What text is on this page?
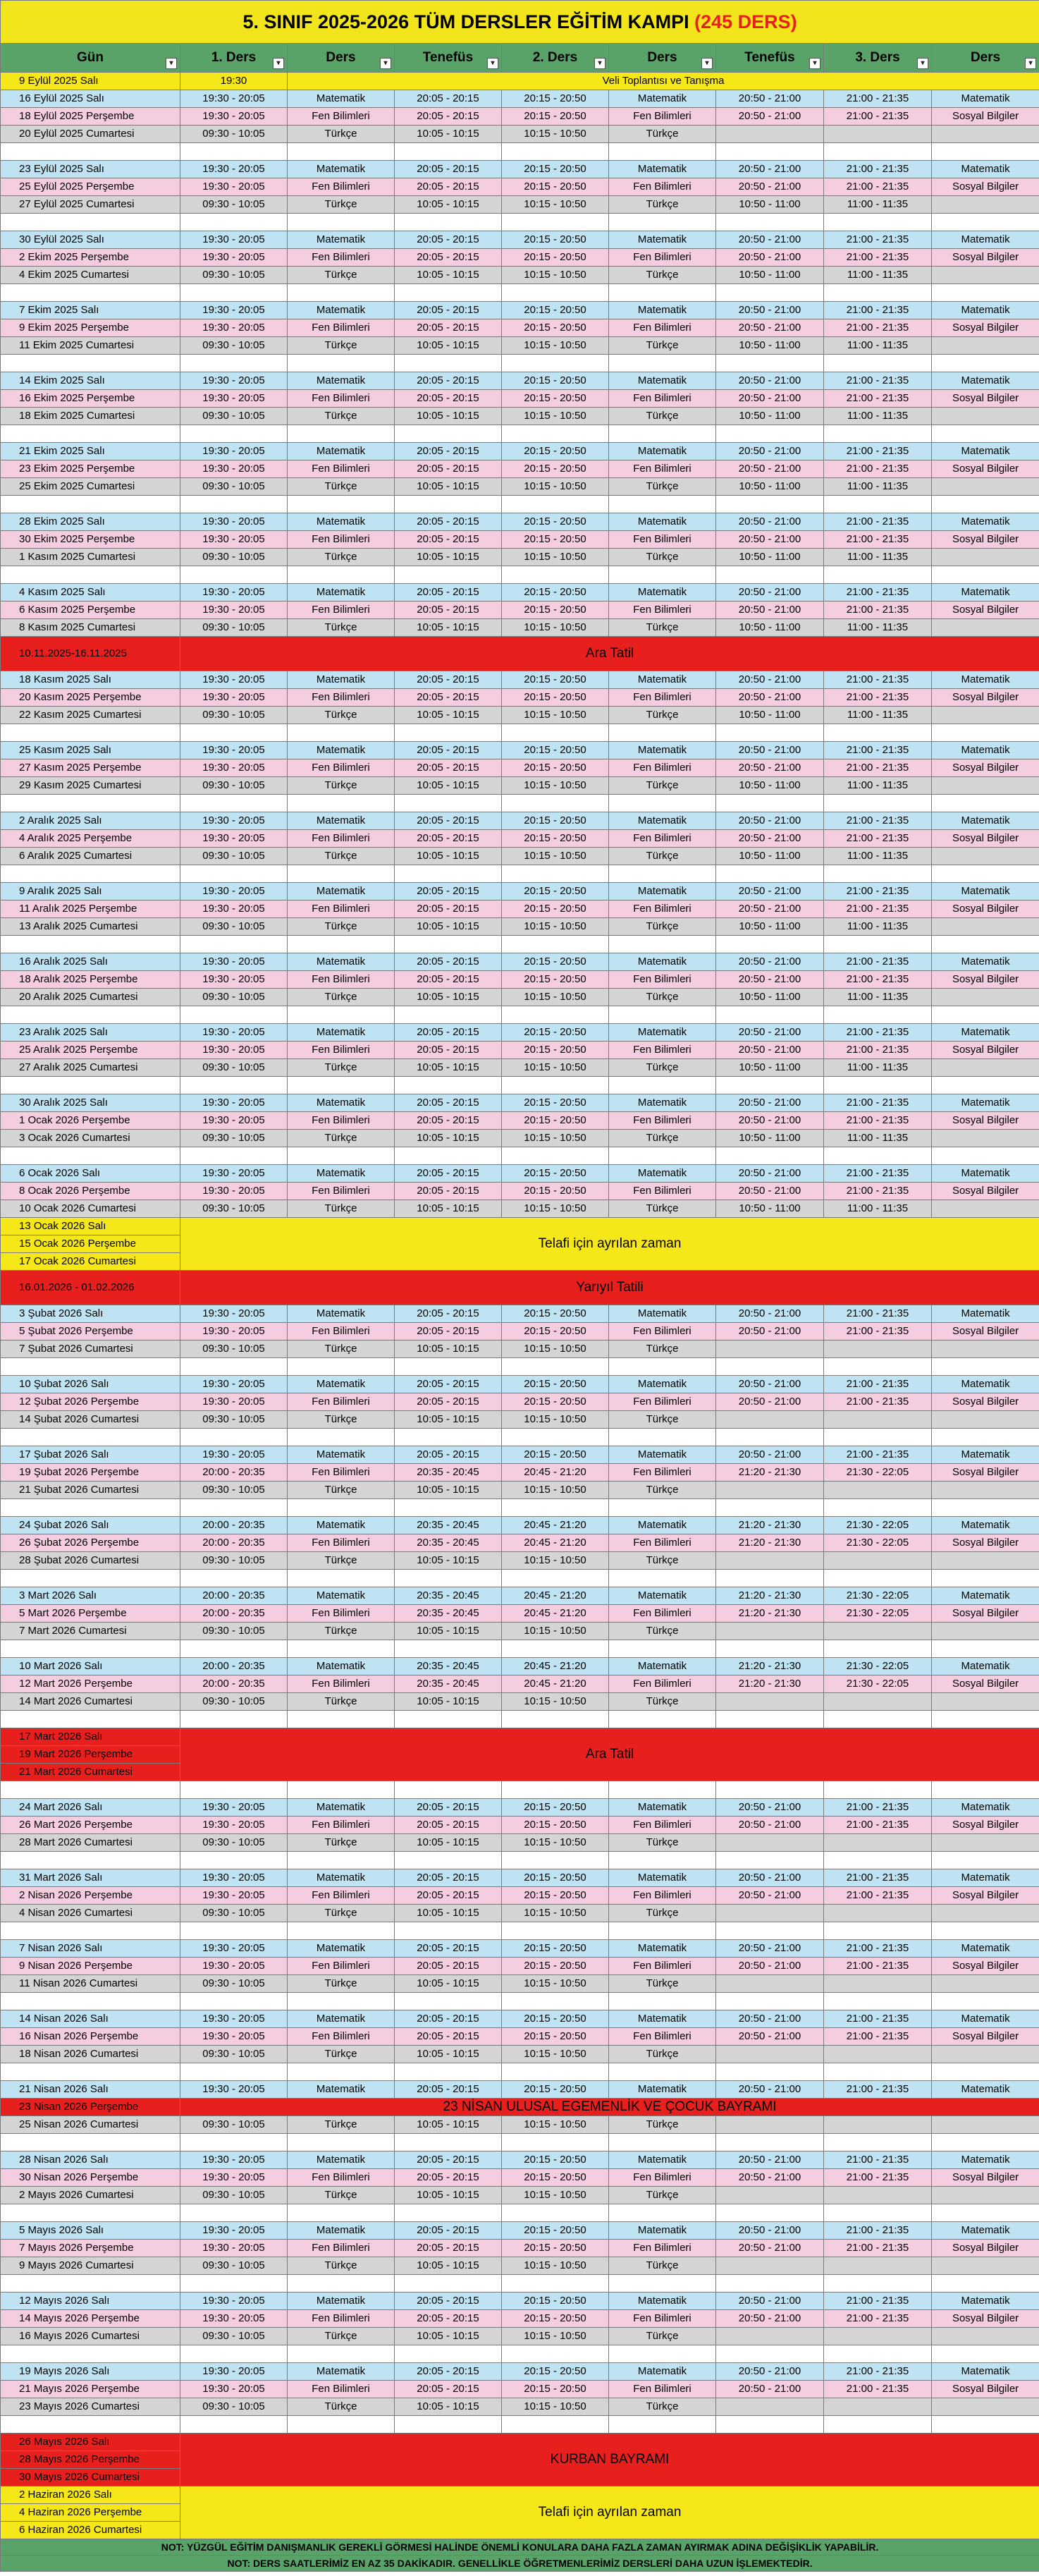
5. SINIF 2025-2026 TÜM DERSLER EĞİTİM KAMPI (245 DERS)								
Gün ▾	1. Ders ▾	Ders ▾	Tenefüs ▾	2. Ders ▾	Ders ▾	Tenefüs ▾	3. Ders ▾	Ders ▾

9 Eylül 2025 Salı	19:30	Veli Toplantısı ve Tanışma						
16 Eylül 2025 Salı	19:30 - 20:05	Matematik	20:05 - 20:15	20:15 - 20:50	Matematik	20:50 - 21:00	21:00 - 21:35	Matematik
18 Eylül 2025 Perşembe	19:30 - 20:05	Fen Bilimleri	20:05 - 20:15	20:15 - 20:50	Fen Bilimleri	20:50 - 21:00	21:00 - 21:35	Sosyal Bilgiler
20 Eylül 2025 Cumartesi	09:30 - 10:05	Türkçe	10:05 - 10:15	10:15 - 10:50	Türkçe			

23 Eylül 2025 Salı	19:30 - 20:05	Matematik	20:05 - 20:15	20:15 - 20:50	Matematik	20:50 - 21:00	21:00 - 21:35	Matematik
25 Eylül 2025 Perşembe	19:30 - 20:05	Fen Bilimleri	20:05 - 20:15	20:15 - 20:50	Fen Bilimleri	20:50 - 21:00	21:00 - 21:35	Sosyal Bilgiler
27 Eylül 2025 Cumartesi	09:30 - 10:05	Türkçe	10:05 - 10:15	10:15 - 10:50	Türkçe	10:50 - 11:00	11:00 - 11:35	

30 Eylül 2025 Salı	19:30 - 20:05	Matematik	20:05 - 20:15	20:15 - 20:50	Matematik	20:50 - 21:00	21:00 - 21:35	Matematik
2 Ekim 2025 Perşembe	19:30 - 20:05	Fen Bilimleri	20:05 - 20:15	20:15 - 20:50	Fen Bilimleri	20:50 - 21:00	21:00 - 21:35	Sosyal Bilgiler
4 Ekim 2025 Cumartesi	09:30 - 10:05	Türkçe	10:05 - 10:15	10:15 - 10:50	Türkçe	10:50 - 11:00	11:00 - 11:35	

7 Ekim 2025 Salı	19:30 - 20:05	Matematik	20:05 - 20:15	20:15 - 20:50	Matematik	20:50 - 21:00	21:00 - 21:35	Matematik
9 Ekim 2025 Perşembe	19:30 - 20:05	Fen Bilimleri	20:05 - 20:15	20:15 - 20:50	Fen Bilimleri	20:50 - 21:00	21:00 - 21:35	Sosyal Bilgiler
11 Ekim 2025 Cumartesi	09:30 - 10:05	Türkçe	10:05 - 10:15	10:15 - 10:50	Türkçe	10:50 - 11:00	11:00 - 11:35	

14 Ekim 2025 Salı	19:30 - 20:05	Matematik	20:05 - 20:15	20:15 - 20:50	Matematik	20:50 - 21:00	21:00 - 21:35	Matematik
16 Ekim 2025 Perşembe	19:30 - 20:05	Fen Bilimleri	20:05 - 20:15	20:15 - 20:50	Fen Bilimleri	20:50 - 21:00	21:00 - 21:35	Sosyal Bilgiler
18 Ekim 2025 Cumartesi	09:30 - 10:05	Türkçe	10:05 - 10:15	10:15 - 10:50	Türkçe	10:50 - 11:00	11:00 - 11:35	

21 Ekim 2025 Salı	19:30 - 20:05	Matematik	20:05 - 20:15	20:15 - 20:50	Matematik	20:50 - 21:00	21:00 - 21:35	Matematik
23 Ekim 2025 Perşembe	19:30 - 20:05	Fen Bilimleri	20:05 - 20:15	20:15 - 20:50	Fen Bilimleri	20:50 - 21:00	21:00 - 21:35	Sosyal Bilgiler
25 Ekim 2025 Cumartesi	09:30 - 10:05	Türkçe	10:05 - 10:15	10:15 - 10:50	Türkçe	10:50 - 11:00	11:00 - 11:35	

28 Ekim 2025 Salı	19:30 - 20:05	Matematik	20:05 - 20:15	20:15 - 20:50	Matematik	20:50 - 21:00	21:00 - 21:35	Matematik
30 Ekim 2025 Perşembe	19:30 - 20:05	Fen Bilimleri	20:05 - 20:15	20:15 - 20:50	Fen Bilimleri	20:50 - 21:00	21:00 - 21:35	Sosyal Bilgiler
1 Kasım 2025 Cumartesi	09:30 - 10:05	Türkçe	10:05 - 10:15	10:15 - 10:50	Türkçe	10:50 - 11:00	11:00 - 11:35	

4 Kasım 2025 Salı	19:30 - 20:05	Matematik	20:05 - 20:15	20:15 - 20:50	Matematik	20:50 - 21:00	21:00 - 21:35	Matematik
6 Kasım 2025 Perşembe	19:30 - 20:05	Fen Bilimleri	20:05 - 20:15	20:15 - 20:50	Fen Bilimleri	20:50 - 21:00	21:00 - 21:35	Sosyal Bilgiler
8 Kasım 2025 Cumartesi	09:30 - 10:05	Türkçe	10:05 - 10:15	10:15 - 10:50	Türkçe	10:50 - 11:00	11:00 - 11:35	
10.11.2025-16.11.2025	Ara Tatil							
18 Kasım 2025 Salı	19:30 - 20:05	Matematik	20:05 - 20:15	20:15 - 20:50	Matematik	20:50 - 21:00	21:00 - 21:35	Matematik
20 Kasım 2025 Perşembe	19:30 - 20:05	Fen Bilimleri	20:05 - 20:15	20:15 - 20:50	Fen Bilimleri	20:50 - 21:00	21:00 - 21:35	Sosyal Bilgiler
22 Kasım 2025 Cumartesi	09:30 - 10:05	Türkçe	10:05 - 10:15	10:15 - 10:50	Türkçe	10:50 - 11:00	11:00 - 11:35	

25 Kasım 2025 Salı	19:30 - 20:05	Matematik	20:05 - 20:15	20:15 - 20:50	Matematik	20:50 - 21:00	21:00 - 21:35	Matematik
27 Kasım 2025 Perşembe	19:30 - 20:05	Fen Bilimleri	20:05 - 20:15	20:15 - 20:50	Fen Bilimleri	20:50 - 21:00	21:00 - 21:35	Sosyal Bilgiler
29 Kasım 2025 Cumartesi	09:30 - 10:05	Türkçe	10:05 - 10:15	10:15 - 10:50	Türkçe	10:50 - 11:00	11:00 - 11:35	

2 Aralık 2025 Salı	19:30 - 20:05	Matematik	20:05 - 20:15	20:15 - 20:50	Matematik	20:50 - 21:00	21:00 - 21:35	Matematik
4 Aralık 2025 Perşembe	19:30 - 20:05	Fen Bilimleri	20:05 - 20:15	20:15 - 20:50	Fen Bilimleri	20:50 - 21:00	21:00 - 21:35	Sosyal Bilgiler
6 Aralık 2025 Cumartesi	09:30 - 10:05	Türkçe	10:05 - 10:15	10:15 - 10:50	Türkçe	10:50 - 11:00	11:00 - 11:35	

9 Aralık 2025 Salı	19:30 - 20:05	Matematik	20:05 - 20:15	20:15 - 20:50	Matematik	20:50 - 21:00	21:00 - 21:35	Matematik
11 Aralık 2025 Perşembe	19:30 - 20:05	Fen Bilimleri	20:05 - 20:15	20:15 - 20:50	Fen Bilimleri	20:50 - 21:00	21:00 - 21:35	Sosyal Bilgiler
13 Aralık 2025 Cumartesi	09:30 - 10:05	Türkçe	10:05 - 10:15	10:15 - 10:50	Türkçe	10:50 - 11:00	11:00 - 11:35	

16 Aralık 2025 Salı	19:30 - 20:05	Matematik	20:05 - 20:15	20:15 - 20:50	Matematik	20:50 - 21:00	21:00 - 21:35	Matematik
18 Aralık 2025 Perşembe	19:30 - 20:05	Fen Bilimleri	20:05 - 20:15	20:15 - 20:50	Fen Bilimleri	20:50 - 21:00	21:00 - 21:35	Sosyal Bilgiler
20 Aralık 2025 Cumartesi	09:30 - 10:05	Türkçe	10:05 - 10:15	10:15 - 10:50	Türkçe	10:50 - 11:00	11:00 - 11:35	

23 Aralık 2025 Salı	19:30 - 20:05	Matematik	20:05 - 20:15	20:15 - 20:50	Matematik	20:50 - 21:00	21:00 - 21:35	Matematik
25 Aralık 2025 Perşembe	19:30 - 20:05	Fen Bilimleri	20:05 - 20:15	20:15 - 20:50	Fen Bilimleri	20:50 - 21:00	21:00 - 21:35	Sosyal Bilgiler
27 Aralık 2025 Cumartesi	09:30 - 10:05	Türkçe	10:05 - 10:15	10:15 - 10:50	Türkçe	10:50 - 11:00	11:00 - 11:35	

30 Aralık 2025 Salı	19:30 - 20:05	Matematik	20:05 - 20:15	20:15 - 20:50	Matematik	20:50 - 21:00	21:00 - 21:35	Matematik
1 Ocak 2026 Perşembe	19:30 - 20:05	Fen Bilimleri	20:05 - 20:15	20:15 - 20:50	Fen Bilimleri	20:50 - 21:00	21:00 - 21:35	Sosyal Bilgiler
3 Ocak 2026 Cumartesi	09:30 - 10:05	Türkçe	10:05 - 10:15	10:15 - 10:50	Türkçe	10:50 - 11:00	11:00 - 11:35	

6 Ocak 2026 Salı	19:30 - 20:05	Matematik	20:05 - 20:15	20:15 - 20:50	Matematik	20:50 - 21:00	21:00 - 21:35	Matematik
8 Ocak 2026 Perşembe	19:30 - 20:05	Fen Bilimleri	20:05 - 20:15	20:15 - 20:50	Fen Bilimleri	20:50 - 21:00	21:00 - 21:35	Sosyal Bilgiler
10 Ocak 2026 Cumartesi	09:30 - 10:05	Türkçe	10:05 - 10:15	10:15 - 10:50	Türkçe	10:50 - 11:00	11:00 - 11:35	
13 Ocak 2026 Salı	Telafi için ayrılan zaman							
15 Ocak 2026 Perşembe								
17 Ocak 2026 Cumartesi								
16.01.2026 - 01.02.2026	Yarıyıl Tatili							
3 Şubat 2026 Salı	19:30 - 20:05	Matematik	20:05 - 20:15	20:15 - 20:50	Matematik	20:50 - 21:00	21:00 - 21:35	Matematik
5 Şubat 2026 Perşembe	19:30 - 20:05	Fen Bilimleri	20:05 - 20:15	20:15 - 20:50	Fen Bilimleri	20:50 - 21:00	21:00 - 21:35	Sosyal Bilgiler
7 Şubat 2026 Cumartesi	09:30 - 10:05	Türkçe	10:05 - 10:15	10:15 - 10:50	Türkçe			

10 Şubat 2026 Salı	19:30 - 20:05	Matematik	20:05 - 20:15	20:15 - 20:50	Matematik	20:50 - 21:00	21:00 - 21:35	Matematik
12 Şubat 2026 Perşembe	19:30 - 20:05	Fen Bilimleri	20:05 - 20:15	20:15 - 20:50	Fen Bilimleri	20:50 - 21:00	21:00 - 21:35	Sosyal Bilgiler
14 Şubat 2026 Cumartesi	09:30 - 10:05	Türkçe	10:05 - 10:15	10:15 - 10:50	Türkçe			

17 Şubat 2026 Salı	19:30 - 20:05	Matematik	20:05 - 20:15	20:15 - 20:50	Matematik	20:50 - 21:00	21:00 - 21:35	Matematik
19 Şubat 2026 Perşembe	20:00 - 20:35	Fen Bilimleri	20:35 - 20:45	20:45 - 21:20	Fen Bilimleri	21:20 - 21:30	21:30 - 22:05	Sosyal Bilgiler
21 Şubat 2026 Cumartesi	09:30 - 10:05	Türkçe	10:05 - 10:15	10:15 - 10:50	Türkçe			

24 Şubat 2026 Salı	20:00 - 20:35	Matematik	20:35 - 20:45	20:45 - 21:20	Matematik	21:20 - 21:30	21:30 - 22:05	Matematik
26 Şubat 2026 Perşembe	20:00 - 20:35	Fen Bilimleri	20:35 - 20:45	20:45 - 21:20	Fen Bilimleri	21:20 - 21:30	21:30 - 22:05	Sosyal Bilgiler
28 Şubat 2026 Cumartesi	09:30 - 10:05	Türkçe	10:05 - 10:15	10:15 - 10:50	Türkçe			

3 Mart 2026 Salı	20:00 - 20:35	Matematik	20:35 - 20:45	20:45 - 21:20	Matematik	21:20 - 21:30	21:30 - 22:05	Matematik
5 Mart 2026 Perşembe	20:00 - 20:35	Fen Bilimleri	20:35 - 20:45	20:45 - 21:20	Fen Bilimleri	21:20 - 21:30	21:30 - 22:05	Sosyal Bilgiler
7 Mart 2026 Cumartesi	09:30 - 10:05	Türkçe	10:05 - 10:15	10:15 - 10:50	Türkçe			

10 Mart 2026 Salı	20:00 - 20:35	Matematik	20:35 - 20:45	20:45 - 21:20	Matematik	21:20 - 21:30	21:30 - 22:05	Matematik
12 Mart 2026 Perşembe	20:00 - 20:35	Fen Bilimleri	20:35 - 20:45	20:45 - 21:20	Fen Bilimleri	21:20 - 21:30	21:30 - 22:05	Sosyal Bilgiler
14 Mart 2026 Cumartesi	09:30 - 10:05	Türkçe	10:05 - 10:15	10:15 - 10:50	Türkçe			

17 Mart 2026 Salı	Ara Tatil							
19 Mart 2026 Perşembe								
21 Mart 2026 Cumartesi								

24 Mart 2026 Salı	19:30 - 20:05	Matematik	20:05 - 20:15	20:15 - 20:50	Matematik	20:50 - 21:00	21:00 - 21:35	Matematik
26 Mart 2026 Perşembe	19:30 - 20:05	Fen Bilimleri	20:05 - 20:15	20:15 - 20:50	Fen Bilimleri	20:50 - 21:00	21:00 - 21:35	Sosyal Bilgiler
28 Mart 2026 Cumartesi	09:30 - 10:05	Türkçe	10:05 - 10:15	10:15 - 10:50	Türkçe			

31 Mart 2026 Salı	19:30 - 20:05	Matematik	20:05 - 20:15	20:15 - 20:50	Matematik	20:50 - 21:00	21:00 - 21:35	Matematik
2 Nisan 2026 Perşembe	19:30 - 20:05	Fen Bilimleri	20:05 - 20:15	20:15 - 20:50	Fen Bilimleri	20:50 - 21:00	21:00 - 21:35	Sosyal Bilgiler
4 Nisan 2026 Cumartesi	09:30 - 10:05	Türkçe	10:05 - 10:15	10:15 - 10:50	Türkçe			

7 Nisan 2026 Salı	19:30 - 20:05	Matematik	20:05 - 20:15	20:15 - 20:50	Matematik	20:50 - 21:00	21:00 - 21:35	Matematik
9 Nisan 2026 Perşembe	19:30 - 20:05	Fen Bilimleri	20:05 - 20:15	20:15 - 20:50	Fen Bilimleri	20:50 - 21:00	21:00 - 21:35	Sosyal Bilgiler
11 Nisan 2026 Cumartesi	09:30 - 10:05	Türkçe	10:05 - 10:15	10:15 - 10:50	Türkçe			

14 Nisan 2026 Salı	19:30 - 20:05	Matematik	20:05 - 20:15	20:15 - 20:50	Matematik	20:50 - 21:00	21:00 - 21:35	Matematik
16 Nisan 2026 Perşembe	19:30 - 20:05	Fen Bilimleri	20:05 - 20:15	20:15 - 20:50	Fen Bilimleri	20:50 - 21:00	21:00 - 21:35	Sosyal Bilgiler
18 Nisan 2026 Cumartesi	09:30 - 10:05	Türkçe	10:05 - 10:15	10:15 - 10:50	Türkçe			

21 Nisan 2026 Salı	19:30 - 20:05	Matematik	20:05 - 20:15	20:15 - 20:50	Matematik	20:50 - 21:00	21:00 - 21:35	Matematik
23 Nisan 2026 Perşembe	23 NİSAN ULUSAL EGEMENLİK VE ÇOCUK BAYRAMI							
25 Nisan 2026 Cumartesi	09:30 - 10:05	Türkçe	10:05 - 10:15	10:15 - 10:50	Türkçe			

28 Nisan 2026 Salı	19:30 - 20:05	Matematik	20:05 - 20:15	20:15 - 20:50	Matematik	20:50 - 21:00	21:00 - 21:35	Matematik
30 Nisan 2026 Perşembe	19:30 - 20:05	Fen Bilimleri	20:05 - 20:15	20:15 - 20:50	Fen Bilimleri	20:50 - 21:00	21:00 - 21:35	Sosyal Bilgiler
2 Mayıs 2026 Cumartesi	09:30 - 10:05	Türkçe	10:05 - 10:15	10:15 - 10:50	Türkçe			

5 Mayıs 2026 Salı	19:30 - 20:05	Matematik	20:05 - 20:15	20:15 - 20:50	Matematik	20:50 - 21:00	21:00 - 21:35	Matematik
7 Mayıs 2026 Perşembe	19:30 - 20:05	Fen Bilimleri	20:05 - 20:15	20:15 - 20:50	Fen Bilimleri	20:50 - 21:00	21:00 - 21:35	Sosyal Bilgiler
9 Mayıs 2026 Cumartesi	09:30 - 10:05	Türkçe	10:05 - 10:15	10:15 - 10:50	Türkçe			

12 Mayıs 2026 Salı	19:30 - 20:05	Matematik	20:05 - 20:15	20:15 - 20:50	Matematik	20:50 - 21:00	21:00 - 21:35	Matematik
14 Mayıs 2026 Perşembe	19:30 - 20:05	Fen Bilimleri	20:05 - 20:15	20:15 - 20:50	Fen Bilimleri	20:50 - 21:00	21:00 - 21:35	Sosyal Bilgiler
16 Mayıs 2026 Cumartesi	09:30 - 10:05	Türkçe	10:05 - 10:15	10:15 - 10:50	Türkçe			

19 Mayıs 2026 Salı	19:30 - 20:05	Matematik	20:05 - 20:15	20:15 - 20:50	Matematik	20:50 - 21:00	21:00 - 21:35	Matematik
21 Mayıs 2026 Perşembe	19:30 - 20:05	Fen Bilimleri	20:05 - 20:15	20:15 - 20:50	Fen Bilimleri	20:50 - 21:00	21:00 - 21:35	Sosyal Bilgiler
23 Mayıs 2026 Cumartesi	09:30 - 10:05	Türkçe	10:05 - 10:15	10:15 - 10:50	Türkçe			

26 Mayıs 2026 Salı	KURBAN BAYRAMI							
28 Mayıs 2026 Perşembe								
30 Mayıs 2026 Cumartesi								
2 Haziran 2026 Salı	Telafi için ayrılan zaman							
4 Haziran 2026 Perşembe								
6 Haziran 2026 Cumartesi								
NOT: YÜZGÜL EĞİTİM DANIŞMANLIK GEREKLİ GÖRMESİ HALİNDE ÖNEMLİ KONULARA DAHA FAZLA ZAMAN AYIRMAK ADINA DEĞİŞİKLİK YAPABİLİR.								
NOT: DERS SAATLERİMİZ EN AZ 35 DAKİKADIR. GENELLİKLE ÖĞRETMENLERİMİZ DERSLERİ DAHA UZUN İŞLEMEKTEDİR.								
